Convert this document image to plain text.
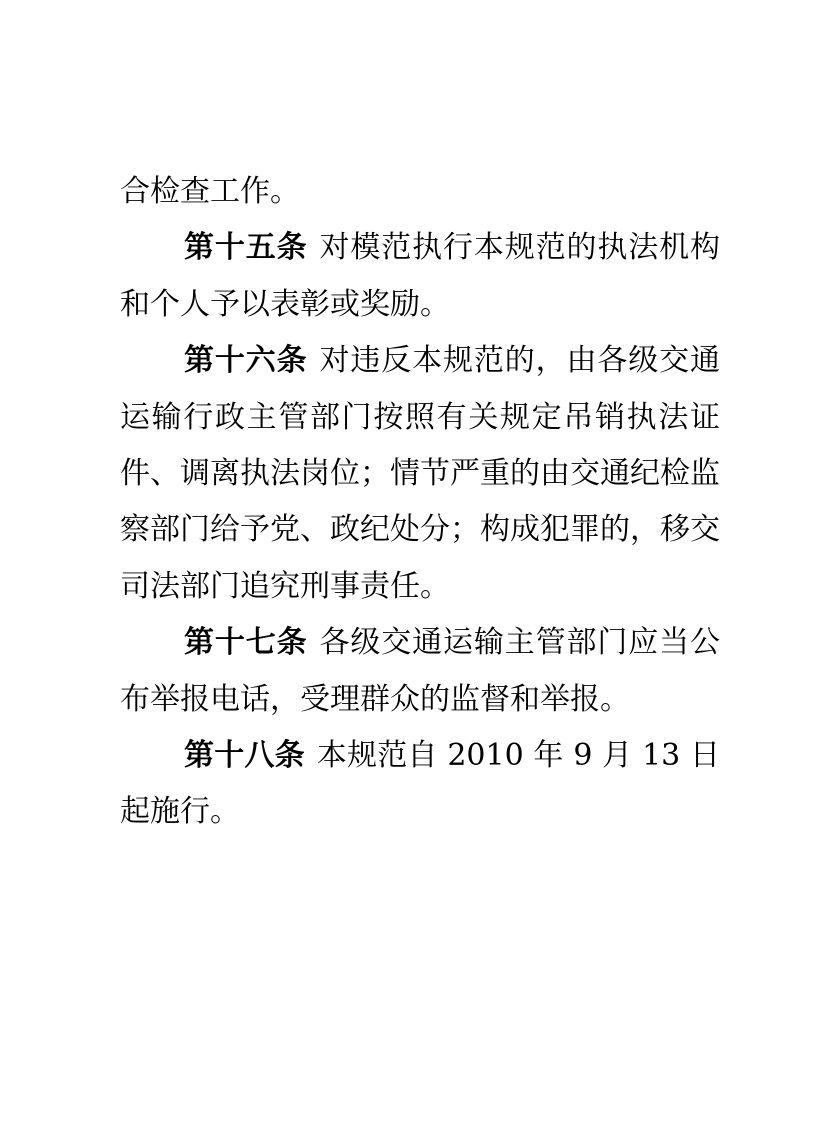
合检查工作。

第十五条 对模范执行本规范的执法机构和个人予以表彰或奖励。

第十六条 对违反本规范的，由各级交通运输行政主管部门按照有关规定吊销执法证件、调离执法岗位；情节严重的由交通纪检监察部门给予党、政纪处分；构成犯罪的，移交司法部门追究刑事责任。

第十七条 各级交通运输主管部门应当公布举报电话，受理群众的监督和举报。

第十八条 本规范自 2010 年 9 月 13 日起施行。
